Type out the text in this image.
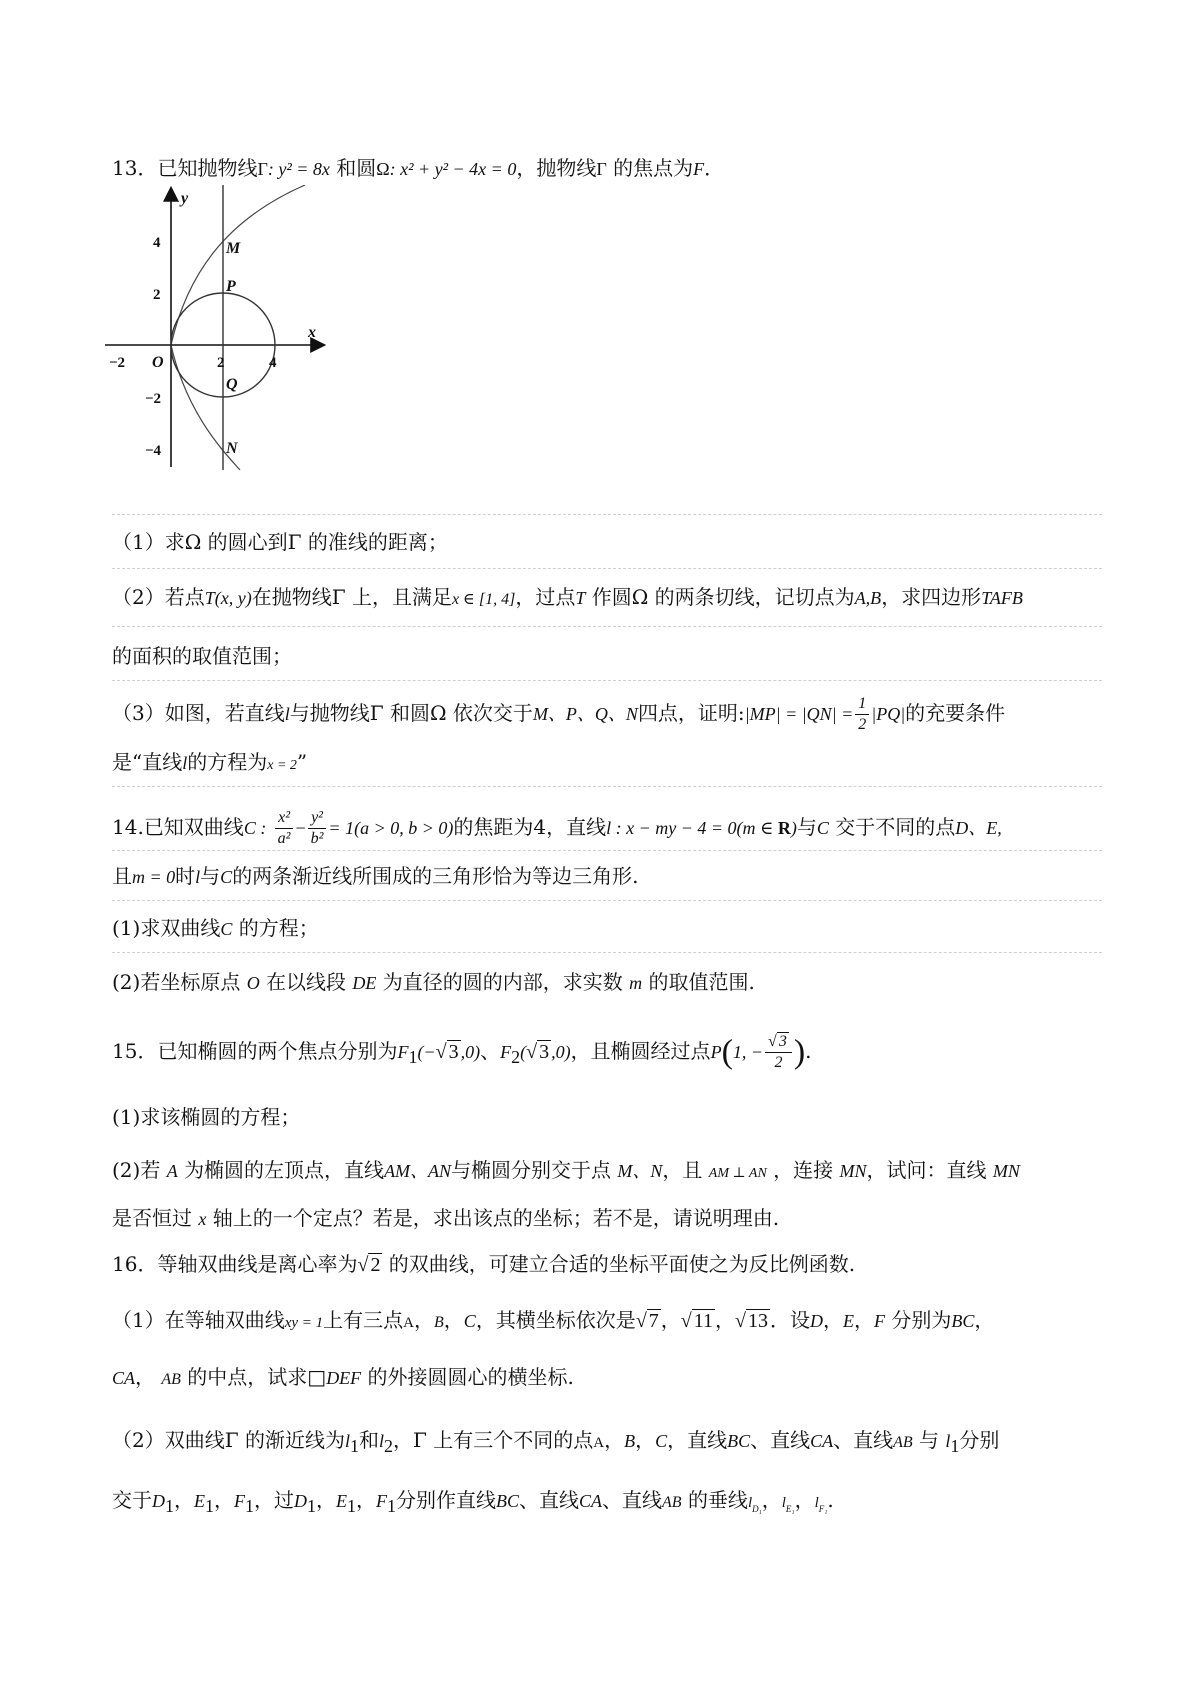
13．已知抛物线Γ: y² = 8x 和圆Ω: x² + y² − 4x = 0，抛物线Γ 的焦点为F．
y
x
O
M
P
Q
N
−2	2	4
4
2
−2
−4
（1）求Ω 的圆心到Γ 的准线的距离；
（2）若点T(x, y)在抛物线Γ 上，且满足x ∈ [1, 4]，过点T 作圆Ω 的两条切线，记切点为A,B，求四边形TAFB
的面积的取值范围；
（3）如图，若直线l与抛物线Γ 和圆Ω 依次交于M、P、Q、N四点，证明:|MP| = $|QN| = \frac{1}{2} |PQ|$的充要条件
是“直线l的方程为x = 2”
14.已知双曲线C : $\frac{\text{x²}}{\text{a²}} - \frac{\text{y²}}{\text{b²}} = 1(a > 0$, b > 0)的焦距为4，直线l : x − my − 4 = 0(m ∈ R)与C 交于不同的点D、E,
且m = 0时l与C的两条渐近线所围成的三角形恰为等边三角形.
(1)求双曲线C 的方程；
(2)若坐标原点 O 在以线段 DE 为直径的圆的内部，求实数 m 的取值范围.
15．已知椭圆的两个焦点分别为$F_1(-√$ 3 ,0)、$F_2(√$ 3 ,0)，且椭圆经过点P(1, − $\frac{√ 3}{2}$ ).
(1)求该椭圆的方程；
(2)若 A 为椭圆的左顶点，直线AM、AN与椭圆分别交于点 M、N，且 AM ⊥ AN ，连接 MN，试问：直线 MN
是否恒过 x 轴上的一个定点？若是，求出该点的坐标；若不是，请说明理由.
16．等轴双曲线是离心率为√ 2 的双曲线，可建立合适的坐标平面使之为反比例函数.
（1）在等轴双曲线xy = 1上有三点A，B，C，其横坐标依次是√ 7 ，√ 11 ，√ 13 ．设D，E，F 分别为BC，
CA， AB 的中点，试求□DEF 的外接圆圆心的横坐标.
（2）双曲线Γ 的渐近线为$l_1$和$l_2$，Γ 上有三个不同的点A，B，C，直线BC、直线CA、直线AB 与 $l_1$分别
交于$D_1$，$E_1$，$F_1$，过$D_1$，$E_1$，$F_1$分别作直线BC、直线CA、直线AB 的垂线$l_{D_1}$，$l_{E_1}$，$l_{F_1}$.
